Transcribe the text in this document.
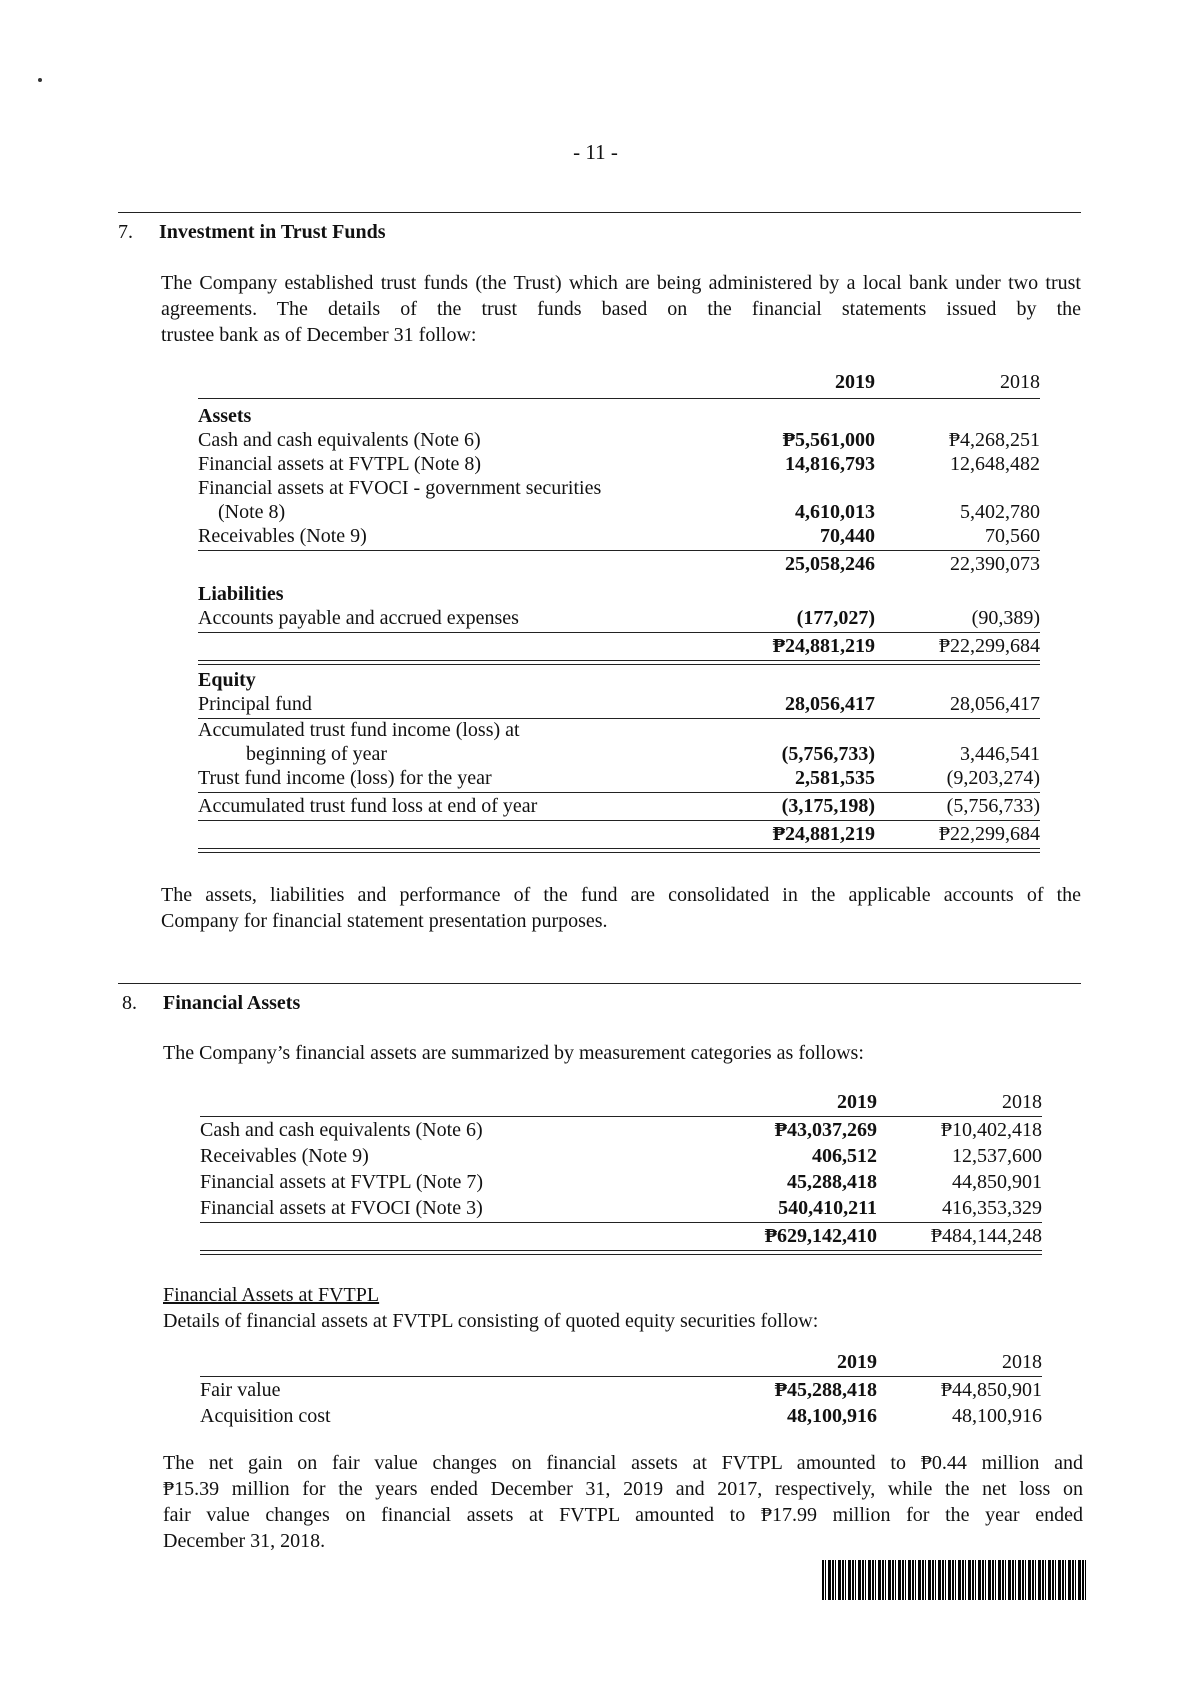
- 11 -
7. Investment in Trust Funds
The Company established trust funds (the Trust) which are being administered by a local bank under two trust agreements. The details of the trust funds based on the financial statements issued by the
trustee bank as of December 31 follow:
2019	2018
Assets
Cash and cash equivalents (Note 6)	₱5,561,000	₱4,268,251
Financial assets at FVTPL (Note 8)	14,816,793	12,648,482
Financial assets at FVOCI - government securities
(Note 8)	4,610,013	5,402,780
Receivables (Note 9)	70,440	70,560
25,058,246	22,390,073
Liabilities
Accounts payable and accrued expenses	(177,027)	(90,389)
₱24,881,219	₱22,299,684
Equity
Principal fund	28,056,417	28,056,417
Accumulated trust fund income (loss) at
beginning of year	(5,756,733)	3,446,541
Trust fund income (loss) for the year	2,581,535	(9,203,274)
Accumulated trust fund loss at end of year	(3,175,198)	(5,756,733)
₱24,881,219	₱22,299,684
The assets, liabilities and performance of the fund are consolidated in the applicable accounts of the
Company for financial statement presentation purposes.
8. Financial Assets
The Company’s financial assets are summarized by measurement categories as follows:
2019	2018
Cash and cash equivalents (Note 6)	₱43,037,269	₱10,402,418
Receivables (Note 9)	406,512	12,537,600
Financial assets at FVTPL (Note 7)	45,288,418	44,850,901
Financial assets at FVOCI (Note 3)	540,410,211	416,353,329
₱629,142,410	₱484,144,248
Financial Assets at FVTPL
Details of financial assets at FVTPL consisting of quoted equity securities follow:
2019	2018
Fair value	₱45,288,418	₱44,850,901
Acquisition cost	48,100,916	48,100,916
The net gain on fair value changes on financial assets at FVTPL amounted to ₱0.44 million and
₱15.39 million for the years ended December 31, 2019 and 2017, respectively, while the net loss on
fair value changes on financial assets at FVTPL amounted to ₱17.99 million for the year ended
December 31, 2018.
